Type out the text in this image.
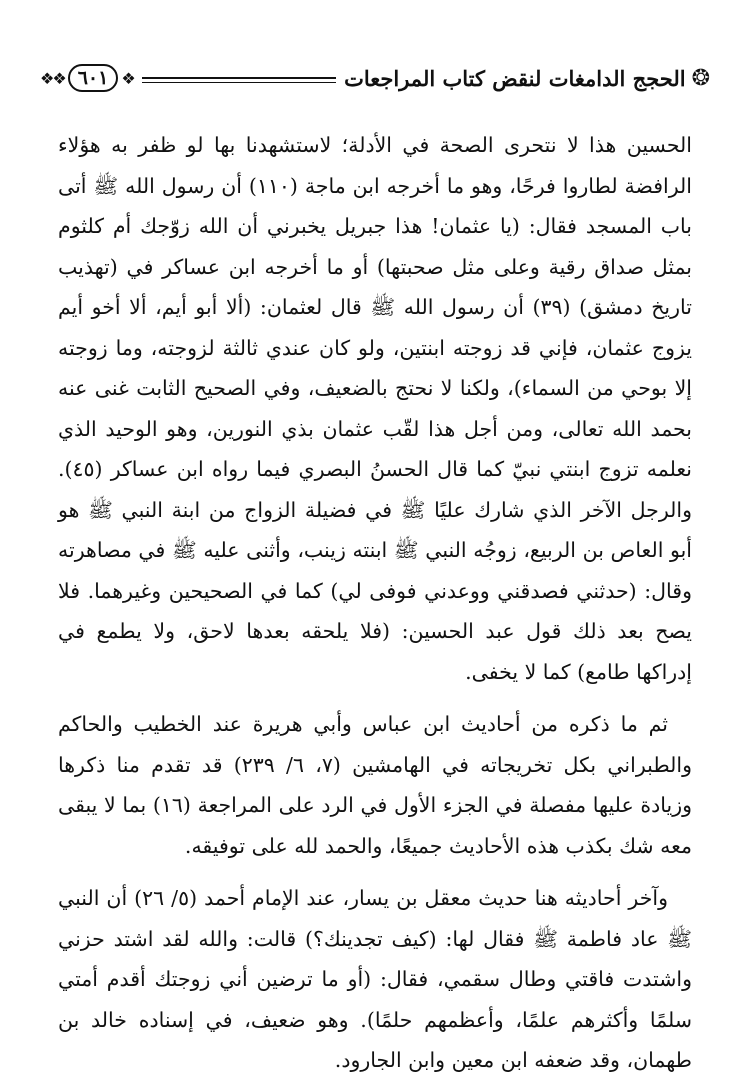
❂
الحجج الدامغات لنقض كتاب المراجعات
❖❖ ٦٠١ ❖

الحسين هذا لا نتحرى الصحة في الأدلة؛ لاستشهدنا بها لو ظفر به هؤلاء الرافضة لطاروا فرحًا، وهو ما أخرجه ابن ماجة (١١٠) أن رسول الله ﷺ أتى باب المسجد فقال: (يا عثمان! هذا جبريل يخبرني أن الله زوّجك أم كلثوم بمثل صداق رقية وعلى مثل صحبتها) أو ما أخرجه ابن عساكر في (تهذيب تاريخ دمشق) (٣٩) أن رسول الله ﷺ قال لعثمان: (ألا أبو أيم، ألا أخو أيم يزوج عثمان، فإني قد زوجته ابنتين، ولو كان عندي ثالثة لزوجته، وما زوجته إلا بوحي من السماء)، ولكنا لا نحتج بالضعيف، وفي الصحيح الثابت غنى عنه بحمد الله تعالى، ومن أجل هذا لقّب عثمان بذي النورين، وهو الوحيد الذي نعلمه تزوج ابنتي نبيّ كما قال الحسنُ البصري فيما رواه ابن عساكر (٤٥). والرجل الآخر الذي شارك عليًا ﷺ في فضيلة الزواج من ابنة النبي ﷺ هو أبو العاص بن الربيع، زوجُه النبي ﷺ ابنته زينب، وأثنى عليه ﷺ في مصاهرته وقال: (حدثني فصدقني ووعدني فوفى لي) كما في الصحيحين وغيرهما. فلا يصح بعد ذلك قول عبد الحسين: (فلا يلحقه بعدها لاحق، ولا يطمع في إدراكها طامع) كما لا يخفى.

ثم ما ذكره من أحاديث ابن عباس وأبي هريرة عند الخطيب والحاكم والطبراني بكل تخريجاته في الهامشين (٧، ٦/ ٢٣٩) قد تقدم منا ذكرها وزيادة عليها مفصلة في الجزء الأول في الرد على المراجعة (١٦) بما لا يبقى معه شك بكذب هذه الأحاديث جميعًا، والحمد لله على توفيقه.

وآخر أحاديثه هنا حديث معقل بن يسار، عند الإمام أحمد (٥/ ٢٦) أن النبي ﷺ عاد فاطمة ﷺ فقال لها: (كيف تجدينك؟) قالت: والله لقد اشتد حزني واشتدت فاقتي وطال سقمي، فقال: (أو ما ترضين أني زوجتك أقدم أمتي سلمًا وأكثرهم علمًا، وأعظمهم حلمًا). وهو ضعيف، في إسناده خالد بن طهمان، وقد ضعفه ابن معين وابن الجارود.
